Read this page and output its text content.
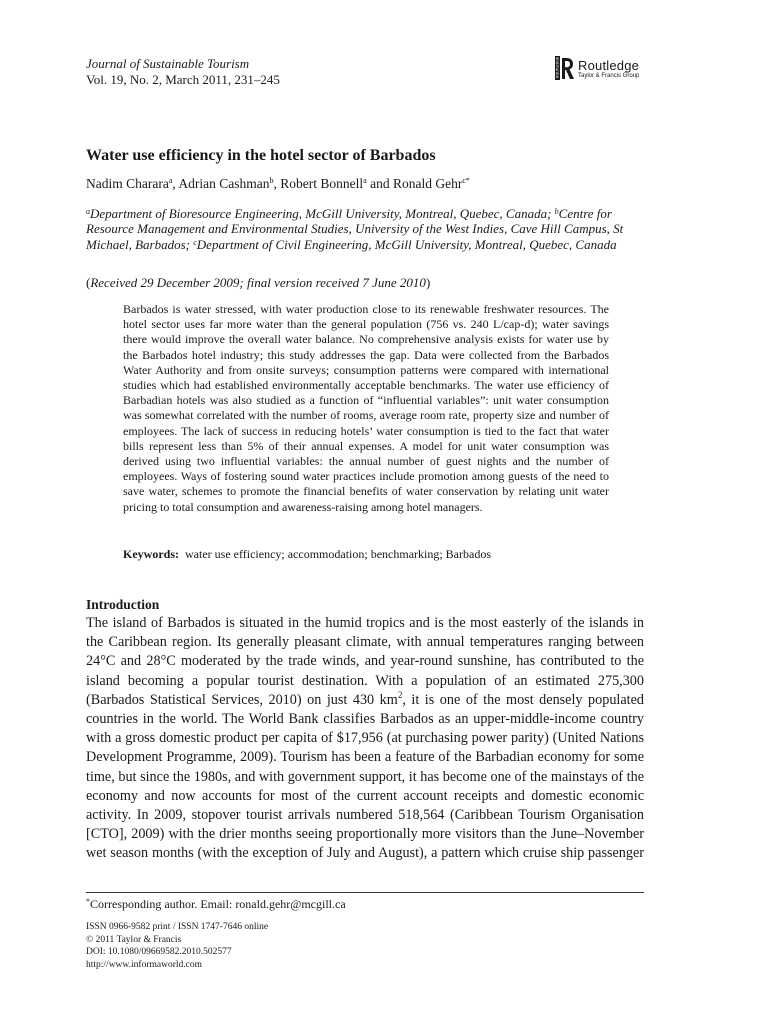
Journal of Sustainable Tourism
Vol. 19, No. 2, March 2011, 231–245
ROUTLEDGE Routledge
Taylor & Francis Group
Water use efficiency in the hotel sector of Barbados
Nadim Charara$^a$, Adrian Cashman$^b$, Robert Bonnell$^a$ and Ronald Gehr$^{c*}$
$^a$Department of Bioresource Engineering, McGill University, Montreal, Quebec, Canada; $^b$Centre for Resource Management and Environmental Studies, University of the West Indies, Cave Hill Campus, St Michael, Barbados; $^c$Department of Civil Engineering, McGill University, Montreal, Quebec, Canada
(Received 29 December 2009; final version received 7 June 2010)
Barbados is water stressed, with water production close to its renewable freshwater resources. The hotel sector uses far more water than the general population (756 vs. 240 L/cap-d); water savings there would improve the overall water balance. No comprehensive analysis exists for water use by the Barbados hotel industry; this study addresses the gap. Data were collected from the Barbados Water Authority and from onsite surveys; consumption patterns were compared with international studies which had established environmentally acceptable benchmarks. The water use efficiency of Barbadian hotels was also studied as a function of “influential variables”: unit water consumption was somewhat correlated with the number of rooms, average room rate, property size and number of employees. The lack of success in reducing hotels’ water consumption is tied to the fact that water bills represent less than 5% of their annual expenses. A model for unit water consumption was derived using two influential variables: the annual number of guest nights and the number of employees. Ways of fostering sound water practices include promotion among guests of the need to save water, schemes to promote the financial benefits of water conservation by relating unit water pricing to total consumption and awareness-raising among hotel managers.
Keywords: water use efficiency; accommodation; benchmarking; Barbados
Introduction
The island of Barbados is situated in the humid tropics and is the most easterly of the islands in the Caribbean region. Its generally pleasant climate, with annual temperatures ranging between 24°C and 28°C moderated by the trade winds, and year-round sunshine, has contributed to the island becoming a popular tourist destination. With a population of an estimated 275,300 (Barbados Statistical Services, 2010) on just 430 $km^2$, it is one of the most densely populated countries in the world. The World Bank classifies Barbados as an upper-middle-income country with a gross domestic product per capita of $17,956 (at purchasing power parity) (United Nations Development Programme, 2009). Tourism has been a feature of the Barbadian economy for some time, but since the 1980s, and with government support, it has become one of the mainstays of the economy and now accounts for most of the current account receipts and domestic economic activity. In 2009, stopover tourist arrivals numbered 518,564 (Caribbean Tourism Organisation [CTO], 2009) with the drier months seeing proportionally more visitors than the June–November wet season months (with the exception of July and August), a pattern which cruise ship passenger
*Corresponding author. Email: ronald.gehr@mcgill.ca
ISSN 0966-9582 print / ISSN 1747-7646 online
© 2011 Taylor & Francis
DOI: 10.1080/09669582.2010.502577
http://www.informaworld.com
